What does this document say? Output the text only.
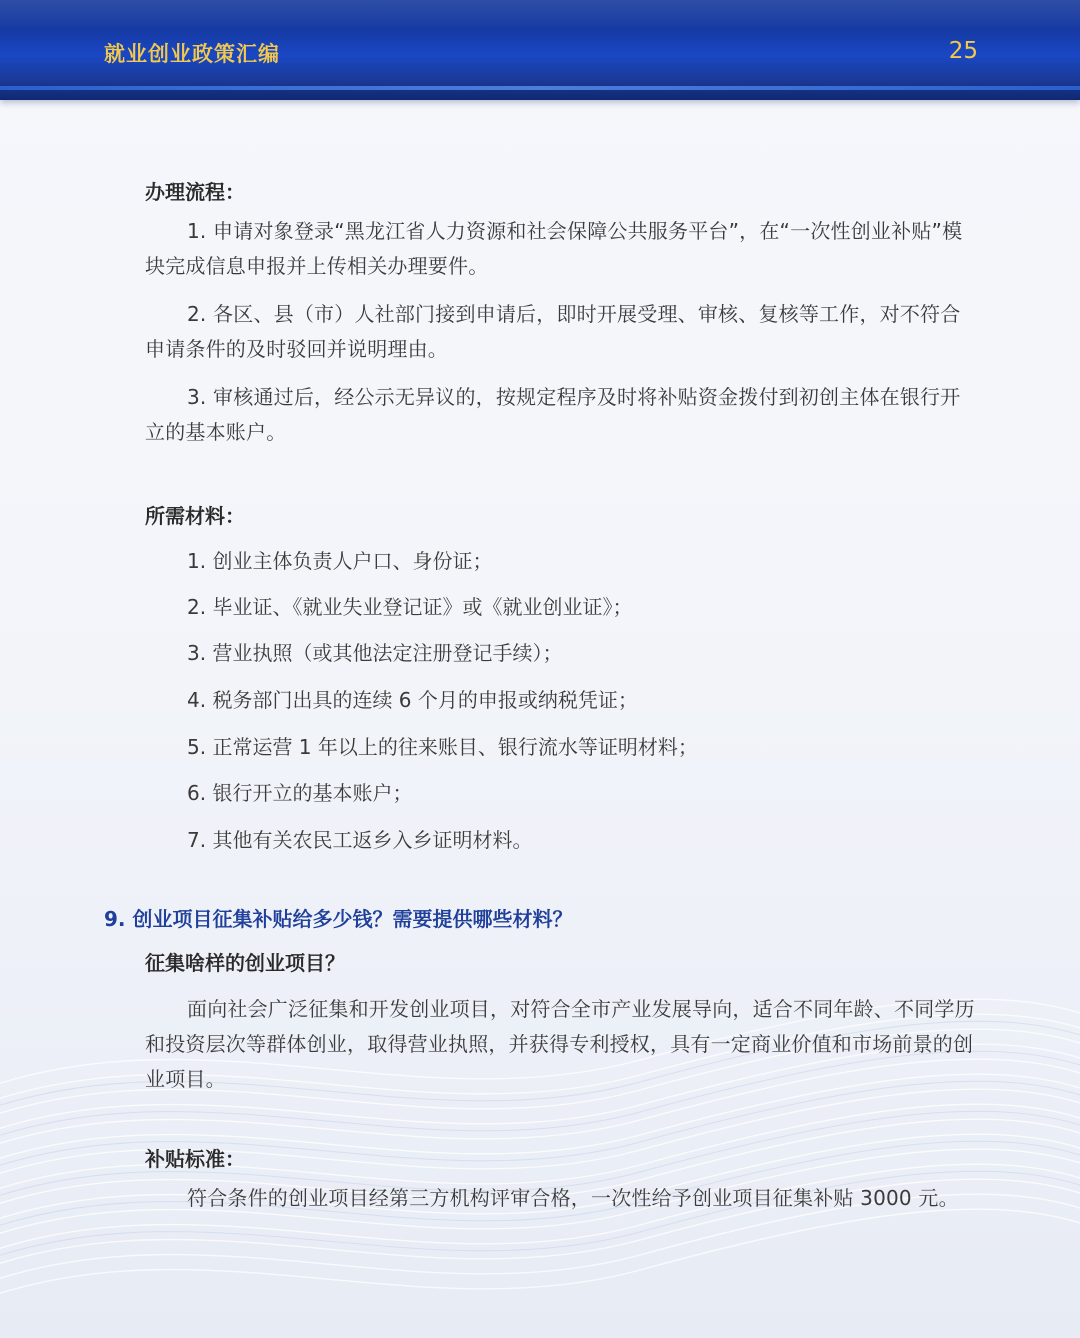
就业创业政策汇编	25
办理流程：
1. 申请对象登录“黑龙江省人力资源和社会保障公共服务平台”，在“一次性创业补贴”模块完成信息申报并上传相关办理要件。
2. 各区、县（市）人社部门接到申请后，即时开展受理、审核、复核等工作，对不符合申请条件的及时驳回并说明理由。
3. 审核通过后，经公示无异议的，按规定程序及时将补贴资金拨付到初创主体在银行开立的基本账户。
所需材料：
1. 创业主体负责人户口、身份证；
2. 毕业证、《就业失业登记证》或《就业创业证》；
3. 营业执照（或其他法定注册登记手续）；
4. 税务部门出具的连续 6 个月的申报或纳税凭证；
5. 正常运营 1 年以上的往来账目、银行流水等证明材料；
6. 银行开立的基本账户；
7. 其他有关农民工返乡入乡证明材料。
9. 创业项目征集补贴给多少钱？需要提供哪些材料？
征集啥样的创业项目？
面向社会广泛征集和开发创业项目，对符合全市产业发展导向，适合不同年龄、不同学历和投资层次等群体创业，取得营业执照，并获得专利授权，具有一定商业价值和市场前景的创业项目。
补贴标准：
符合条件的创业项目经第三方机构评审合格，一次性给予创业项目征集补贴 3000 元。
